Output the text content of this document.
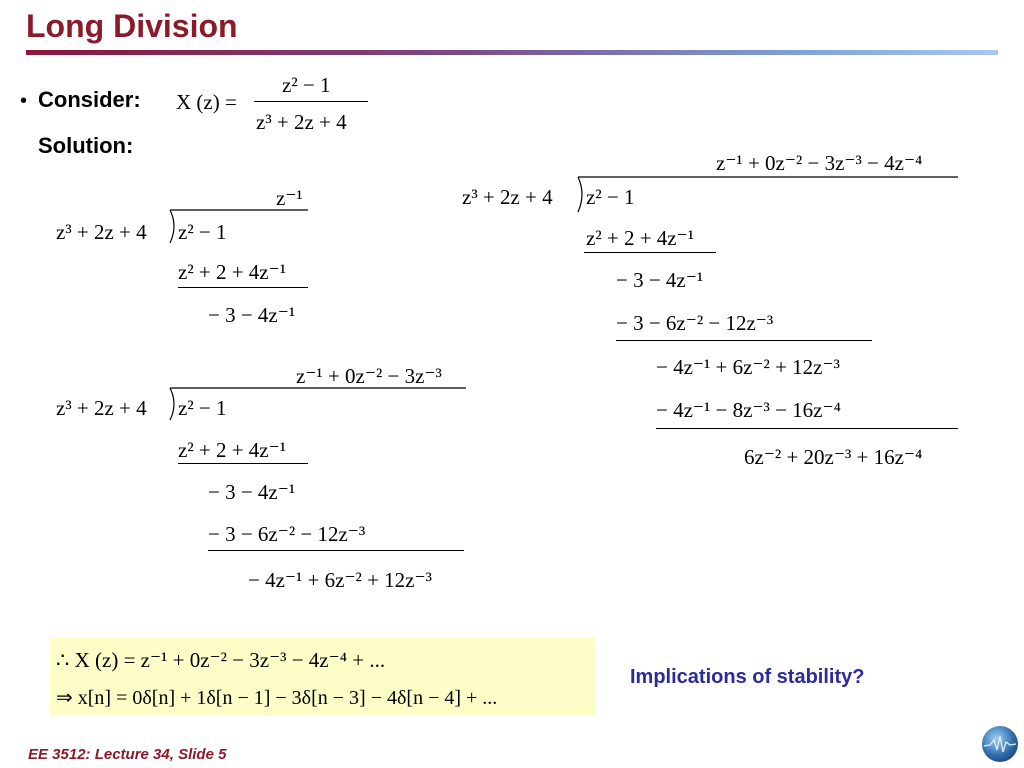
Long Division
• Consider:
Solution:
X (z) =
z² − 1
z³ + 2z + 4
z⁻¹
z³ + 2z + 4 z² − 1
z² + 2 + 4z⁻¹
− 3 − 4z⁻¹
z⁻¹ + 0z⁻² − 3z⁻³
z³ + 2z + 4 z² − 1
z² + 2 + 4z⁻¹
− 3 − 4z⁻¹
− 3 − 6z⁻² − 12z⁻³
− 4z⁻¹ + 6z⁻² + 12z⁻³
z⁻¹ + 0z⁻² − 3z⁻³ − 4z⁻⁴
z³ + 2z + 4 z² − 1
z² + 2 + 4z⁻¹
− 3 − 4z⁻¹
− 3 − 6z⁻² − 12z⁻³
− 4z⁻¹ + 6z⁻² + 12z⁻³
− 4z⁻¹ − 8z⁻³ − 16z⁻⁴
6z⁻² + 20z⁻³ + 16z⁻⁴
∴ X (z) = z⁻¹ + 0z⁻² − 3z⁻³ − 4z⁻⁴ + ...
⇒ x[n] = 0δ[n] + 1δ[n − 1] − 3δ[n − 3] − 4δ[n − 4] + ...
Implications of stability?
EE 3512: Lecture 34, Slide 5
